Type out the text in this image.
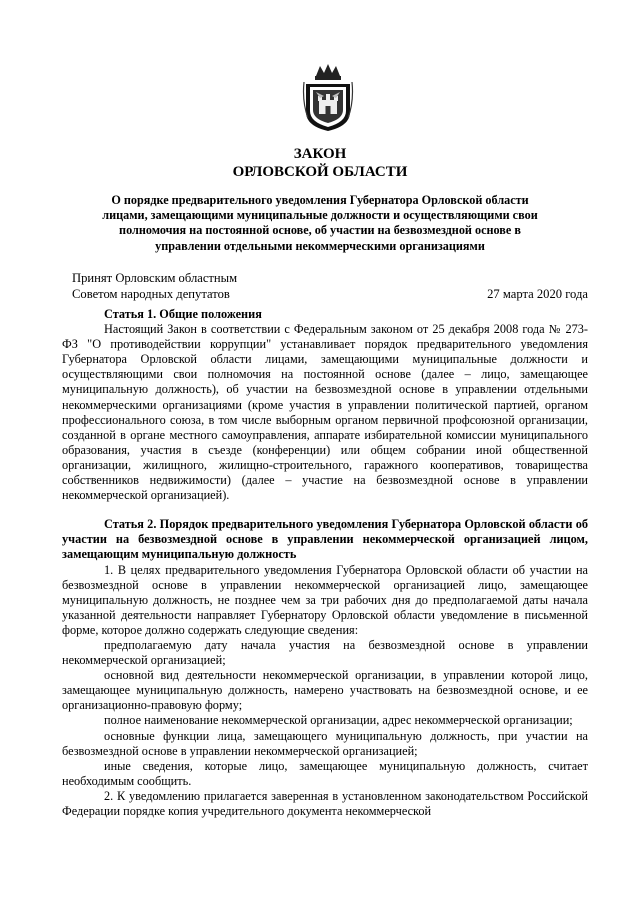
ЗАКОН
ОРЛОВСКОЙ ОБЛАСТИ
О порядке предварительного уведомления Губернатора Орловской области лицами, замещающими муниципальные должности и осуществляющими свои полномочия на постоянной основе, об участии на безвозмездной основе в управлении отдельными некоммерческими организациями
Принят Орловским областным
Советом народных депутатов	27 марта 2020 года

Статья 1. Общие положения

Настоящий Закон в соответствии с Федеральным законом от 25 декабря 2008 года № 273-ФЗ "О противодействии коррупции" устанавливает порядок предварительного уведомления Губернатора Орловской области лицами, замещающими муниципальные должности и осуществляющими свои полномочия на постоянной основе (далее – лицо, замещающее муниципальную должность), об участии на безвозмездной основе в управлении отдельными некоммерческими организациями (кроме участия в управлении политической партией, органом профессионального союза, в том числе выборным органом первичной профсоюзной организации, созданной в органе местного самоуправления, аппарате избирательной комиссии муниципального образования, участия в съезде (конференции) или общем собрании иной общественной организации, жилищного, жилищно-строительного, гаражного кооперативов, товарищества собственников недвижимости) (далее – участие на безвозмездной основе в управлении некоммерческой организацией).

Статья 2. Порядок предварительного уведомления Губернатора Орловской области об участии на безвозмездной основе в управлении некоммерческой организацией лицом, замещающим муниципальную должность

1. В целях предварительного уведомления Губернатора Орловской области об участии на безвозмездной основе в управлении некоммерческой организацией лицо, замещающее муниципальную должность, не позднее чем за три рабочих дня до предполагаемой даты начала указанной деятельности направляет Губернатору Орловской области уведомление в письменной форме, которое должно содержать следующие сведения:

предполагаемую дату начала участия на безвозмездной основе в управлении некоммерческой организацией;

основной вид деятельности некоммерческой организации, в управлении которой лицо, замещающее муниципальную должность, намерено участвовать на безвозмездной основе, и ее организационно-правовую форму;

полное наименование некоммерческой организации, адрес некоммерческой организации;

основные функции лица, замещающего муниципальную должность, при участии на безвозмездной основе в управлении некоммерческой организацией;

иные сведения, которые лицо, замещающее муниципальную должность, считает необходимым сообщить.

2. К уведомлению прилагается заверенная в установленном законодательством Российской Федерации порядке копия учредительного документа некоммерческой
